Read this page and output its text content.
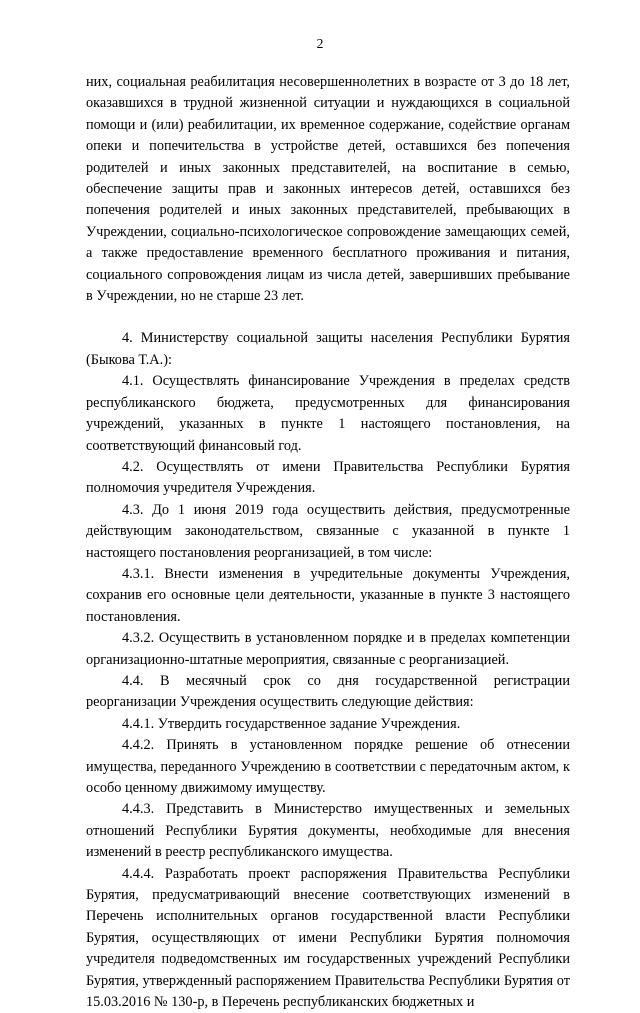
2

них, социальная реабилитация несовершеннолетних в возрасте от 3 до 18 лет, оказавшихся в трудной жизненной ситуации и нуждающихся в социальной помощи и (или) реабилитации, их временное содержание, содействие органам опеки и попечительства в устройстве детей, оставшихся без попечения родителей и иных законных представителей, на воспитание в семью, обеспечение защиты прав и законных интересов детей, оставшихся без попечения родителей и иных законных представителей, пребывающих в Учреждении, социально-психологическое сопровождение замещающих семей, а также предоставление временного бесплатного проживания и питания, социального сопровождения лицам из числа детей, завершивших пребывание в Учреждении, но не старше 23 лет.

4. Министерству социальной защиты населения Республики Бурятия (Быкова Т.А.):

4.1. Осуществлять финансирование Учреждения в пределах средств республиканского бюджета, предусмотренных для финансирования учреждений, указанных в пункте 1 настоящего постановления, на соответствующий финансовый год.

4.2. Осуществлять от имени Правительства Республики Бурятия полномочия учредителя Учреждения.

4.3. До 1 июня 2019 года осуществить действия, предусмотренные действующим законодательством, связанные с указанной в пункте 1 настоящего постановления реорганизацией, в том числе:

4.3.1. Внести изменения в учредительные документы Учреждения, сохранив его основные цели деятельности, указанные в пункте 3 настоящего постановления.

4.3.2. Осуществить в установленном порядке и в пределах компетенции организационно-штатные мероприятия, связанные с реорганизацией.

4.4. В месячный срок со дня государственной регистрации реорганизации Учреждения осуществить следующие действия:

4.4.1. Утвердить государственное задание Учреждения.

4.4.2. Принять в установленном порядке решение об отнесении имущества, переданного Учреждению в соответствии с передаточным актом, к особо ценному движимому имуществу.

4.4.3. Представить в Министерство имущественных и земельных отношений Республики Бурятия документы, необходимые для внесения изменений в реестр республиканского имущества.

4.4.4. Разработать проект распоряжения Правительства Республики Бурятия, предусматривающий внесение соответствующих изменений в Перечень исполнительных органов государственной власти Республики Бурятия, осуществляющих от имени Республики Бурятия полномочия учредителя подведомственных им государственных учреждений Республики Бурятия, утвержденный распоряжением Правительства Республики Бурятия от 15.03.2016 № 130-р, в Перечень республиканских бюджетных и
